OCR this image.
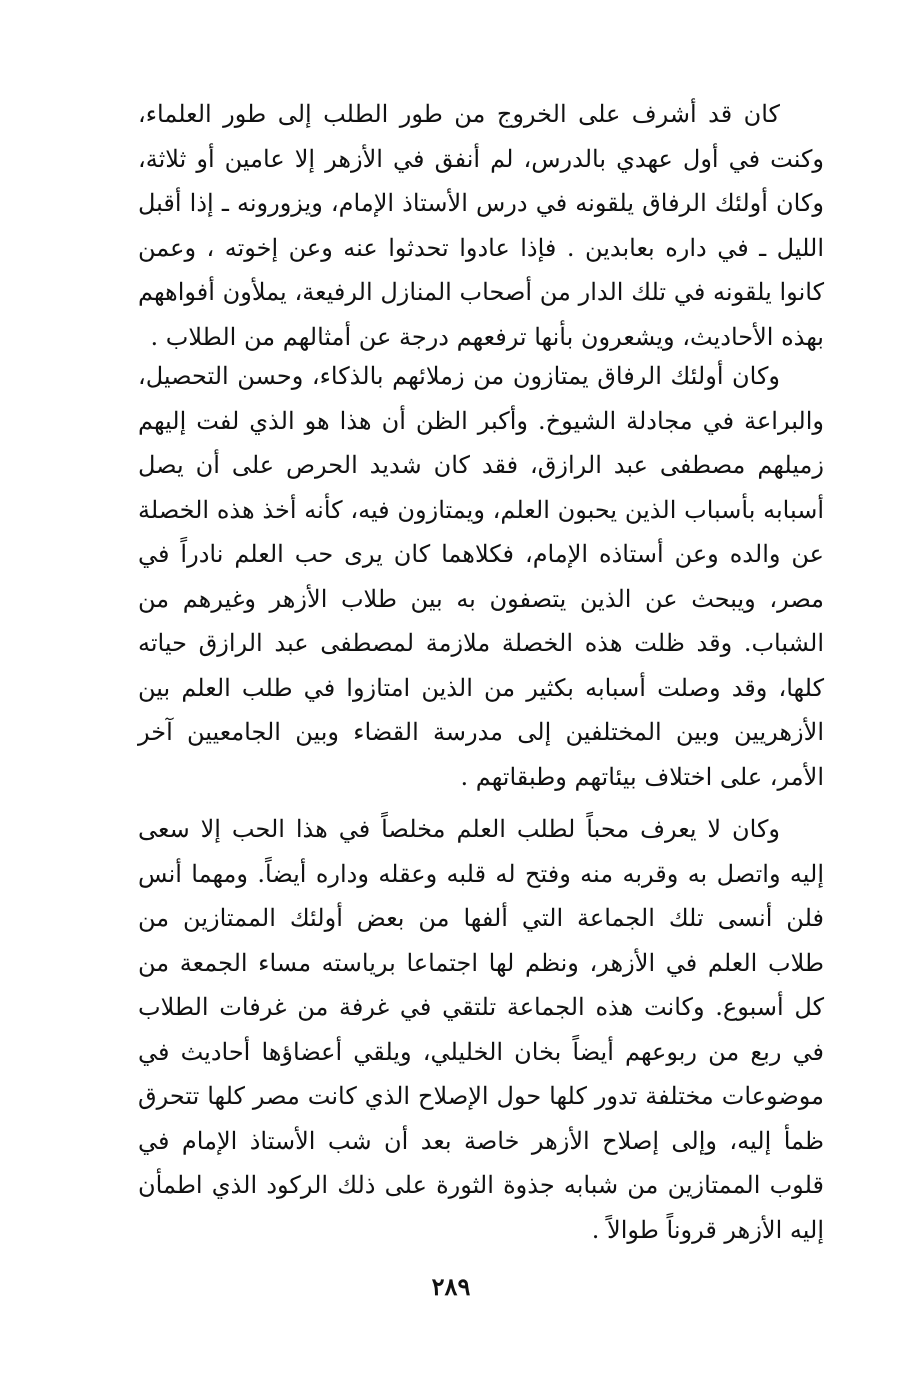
كان قد أشرف على الخروج من طور الطلب إلى طور العلماء، وكنت في أول عهدي بالدرس، لم أنفق في الأزهر إلا عامين أو ثلاثة، وكان أولئك الرفاق يلقونه في درس الأستاذ الإمام، ويزورونه ـ إذا أقبل الليل ـ في داره بعابدين . فإذا عادوا تحدثوا عنه وعن إخوته ، وعمن كانوا يلقونه في تلك الدار من أصحاب المنازل الرفيعة، يملأون أفواههم بهذه الأحاديث، ويشعرون بأنها ترفعهم درجة عن أمثالهم من الطلاب .

وكان أولئك الرفاق يمتازون من زملائهم بالذكاء، وحسن التحصيل، والبراعة في مجادلة الشيوخ. وأكبر الظن أن هذا هو الذي لفت إليهم زميلهم مصطفى عبد الرازق، فقد كان شديد الحرص على أن يصل أسبابه بأسباب الذين يحبون العلم، ويمتازون فيه، كأنه أخذ هذه الخصلة عن والده وعن أستاذه الإمام، فكلاهما كان يرى حب العلم نادراً في مصر، ويبحث عن الذين يتصفون به بين طلاب الأزهر وغيرهم من الشباب. وقد ظلت هذه الخصلة ملازمة لمصطفى عبد الرازق حياته كلها، وقد وصلت أسبابه بكثير من الذين امتازوا في طلب العلم بين الأزهريين وبين المختلفين إلى مدرسة القضاء وبين الجامعيين آخر الأمر، على اختلاف بيئاتهم وطبقاتهم .

وكان لا يعرف محباً لطلب العلم مخلصاً في هذا الحب إلا سعى إليه واتصل به وقربه منه وفتح له قلبه وعقله وداره أيضاً. ومهما أنس فلن أنسى تلك الجماعة التي ألفها من بعض أولئك الممتازين من طلاب العلم في الأزهر، ونظم لها اجتماعا برياسته مساء الجمعة من كل أسبوع. وكانت هذه الجماعة تلتقي في غرفة من غرفات الطلاب في ربع من ربوعهم أيضاً بخان الخليلي، ويلقي أعضاؤها أحاديث في موضوعات مختلفة تدور كلها حول الإصلاح الذي كانت مصر كلها تتحرق ظمأ إليه، وإلى إصلاح الأزهر خاصة بعد أن شب الأستاذ الإمام في قلوب الممتازين من شبابه جذوة الثورة على ذلك الركود الذي اطمأن إليه الأزهر قروناً طوالاً .

٢٨٩
